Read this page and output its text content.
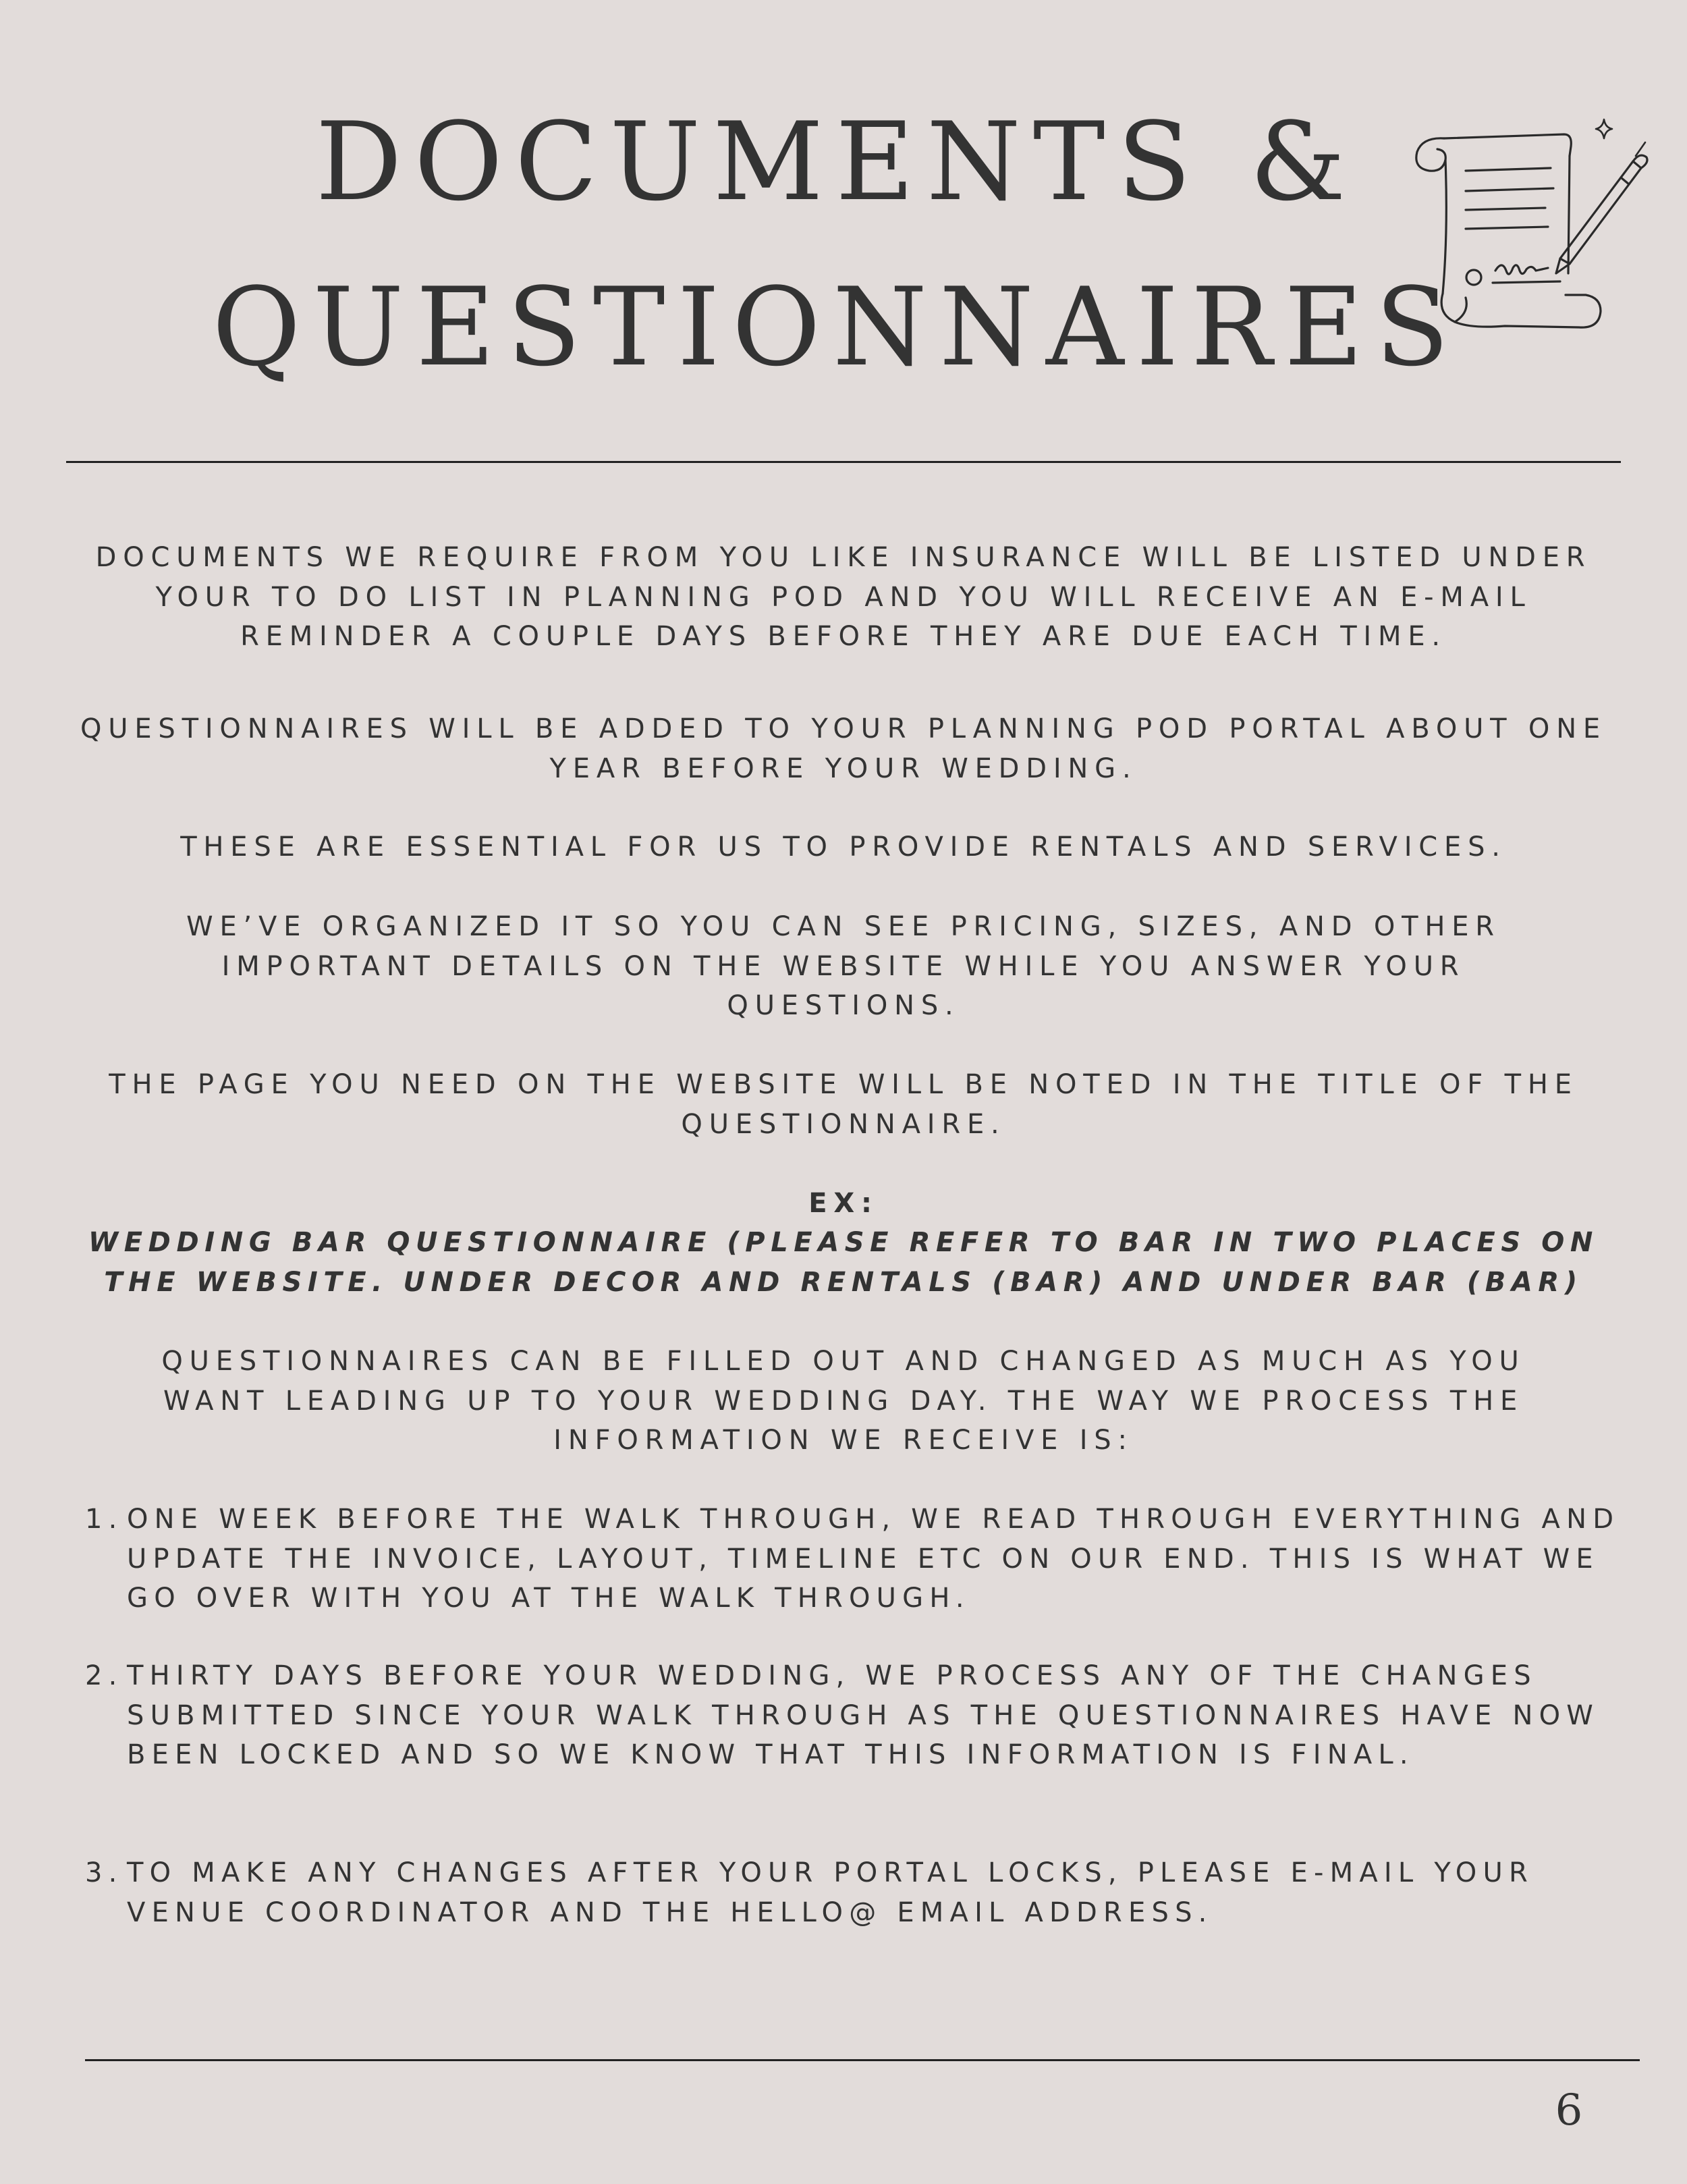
DOCUMENTS &
QUESTIONNAIRES

DOCUMENTS WE REQUIRE FROM YOU LIKE INSURANCE WILL BE LISTED UNDER YOUR TO DO LIST IN PLANNING POD AND YOU WILL RECEIVE AN E-MAIL REMINDER A COUPLE DAYS BEFORE THEY ARE DUE EACH TIME.

QUESTIONNAIRES WILL BE ADDED TO YOUR PLANNING POD PORTAL ABOUT ONE YEAR BEFORE YOUR WEDDING.

THESE ARE ESSENTIAL FOR US TO PROVIDE RENTALS AND SERVICES.

WE’VE ORGANIZED IT SO YOU CAN SEE PRICING, SIZES, AND OTHER IMPORTANT DETAILS ON THE WEBSITE WHILE YOU ANSWER YOUR QUESTIONS.

THE PAGE YOU NEED ON THE WEBSITE WILL BE NOTED IN THE TITLE OF THE QUESTIONNAIRE.

EX:

WEDDING BAR QUESTIONNAIRE (PLEASE REFER TO BAR IN TWO PLACES ON THE WEBSITE. UNDER DECOR AND RENTALS (BAR) AND UNDER BAR (BAR)

QUESTIONNAIRES CAN BE FILLED OUT AND CHANGED AS MUCH AS YOU WANT LEADING UP TO YOUR WEDDING DAY. THE WAY WE PROCESS THE INFORMATION WE RECEIVE IS:

1. ONE WEEK BEFORE THE WALK THROUGH, WE READ THROUGH EVERYTHING AND UPDATE THE INVOICE, LAYOUT, TIMELINE ETC ON OUR END. THIS IS WHAT WE GO OVER WITH YOU AT THE WALK THROUGH.
2. THIRTY DAYS BEFORE YOUR WEDDING, WE PROCESS ANY OF THE CHANGES SUBMITTED SINCE YOUR WALK THROUGH AS THE QUESTIONNAIRES HAVE NOW BEEN LOCKED AND SO WE KNOW THAT THIS INFORMATION IS FINAL.
3. TO MAKE ANY CHANGES AFTER YOUR PORTAL LOCKS, PLEASE E-MAIL YOUR VENUE COORDINATOR AND THE HELLO@ EMAIL ADDRESS.
6
